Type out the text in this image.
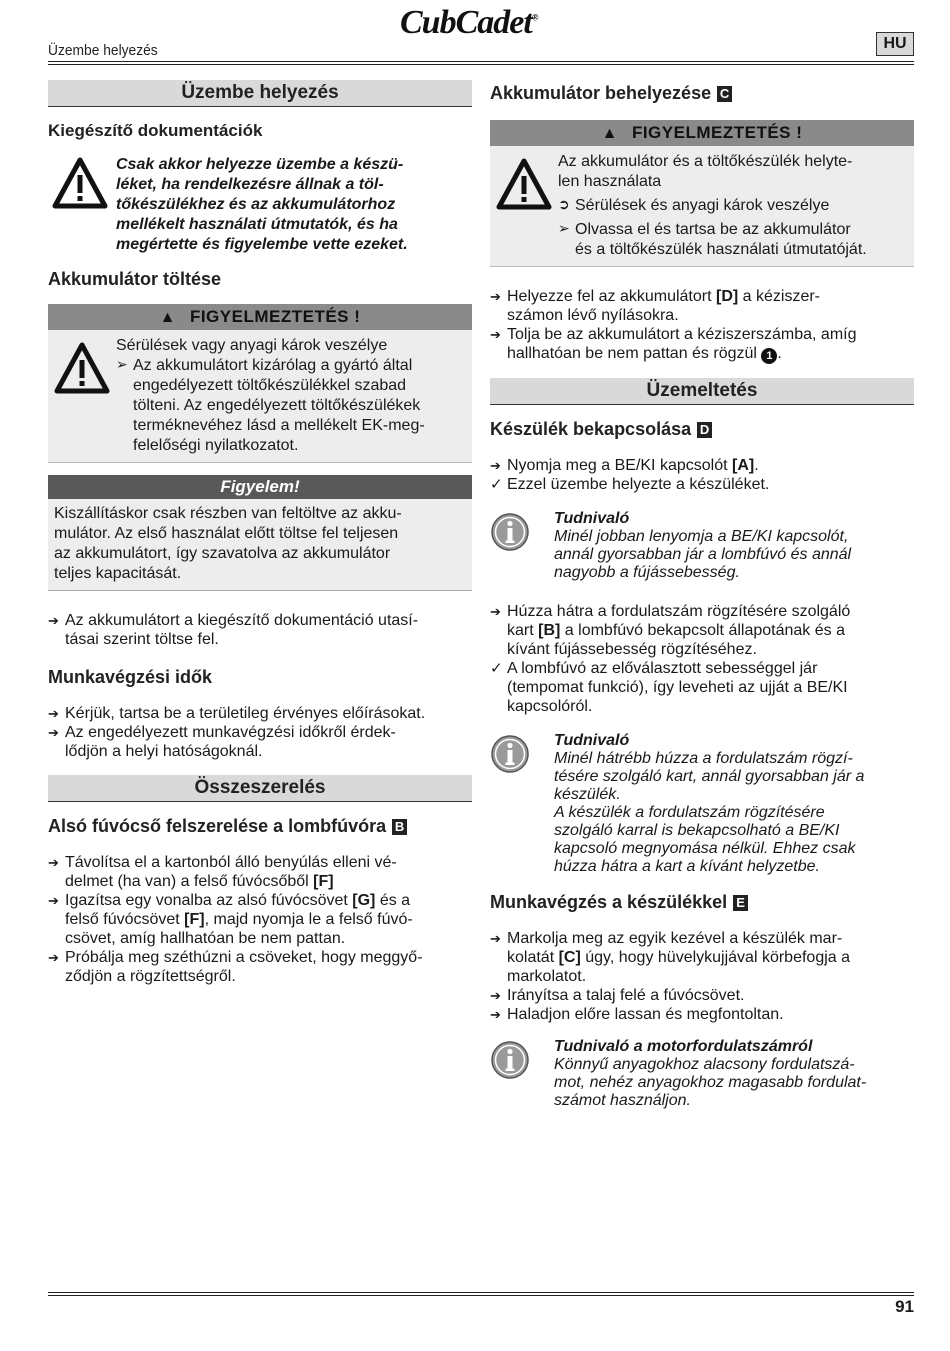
Üzembe helyezés
CubCadet®
HU
Üzembe helyezés

Kiegészítő dokumentációk

Csak akkor helyezze üzembe a készü-

léket, ha rendelkezésre állnak a töl-

tőkészülékhez és az akkumulátorhoz

mellékelt használati útmutatók, és ha

megértette és figyelembe vette ezeket.

Akkumulátor töltése

▲ FIGYELMEZTETÉS !

Sérülések vagy anyagi károk veszélye

➢ Az akkumulátort kizárólag a gyártó által

engedélyezett töltőkészülékkel szabad

tölteni. Az engedélyezett töltőkészülékek

terméknevéhez lásd a mellékelt EK-meg-

felelőségi nyilatkozatot.

Figyelem!

Kiszállításkor csak részben van feltöltve az akku-

mulátor. Az első használat előtt töltse fel teljesen

az akkumulátort, így szavatolva az akkumulátor

teljes kapacitását.

➔ Az akkumulátort a kiegészítő dokumentáció utasí-

tásai szerint töltse fel.

Munkavégzési idők

➔ Kérjük, tartsa be a területileg érvényes előírásokat.

➔ Az engedélyezett munkavégzési időkről érdek-

lődjön a helyi hatóságoknál.

Összeszerelés

Alsó fúvócső felszerelése a lombfúvóra B

➔ Távolítsa el a kartonból álló benyúlás elleni vé-

delmet (ha van) a felső fúvócsőből [F]

➔ Igazítsa egy vonalba az alsó fúvócsövet [G] és a

felső fúvócsövet [F], majd nyomja le a felső fúvó-

csövet, amíg hallhatóan be nem pattan.

➔ Próbálja meg széthúzni a csöveket, hogy meggyő-

ződjön a rögzítettségről.

Akkumulátor behelyezése C

▲ FIGYELMEZTETÉS !

Az akkumulátor és a töltőkészülék helyte-

len használata

➲ Sérülések és anyagi károk veszélye

➢ Olvassa el és tartsa be az akkumulátor

és a töltőkészülék használati útmutatóját.

➔ Helyezze fel az akkumulátort [D] a kéziszer-

számon lévő nyílásokra.

➔ Tolja be az akkumulátort a kéziszerszámba, amíg

hallhatóan be nem pattan és rögzül 1 .

Üzemeltetés

Készülék bekapcsolása D

➔ Nyomja meg a BE/KI kapcsolót [A].

✓ Ezzel üzembe helyezte a készüléket.

Tudnivaló

Minél jobban lenyomja a BE/KI kapcsolót,

annál gyorsabban jár a lombfúvó és annál

nagyobb a fújássebesség.

➔ Húzza hátra a fordulatszám rögzítésére szolgáló

kart [B] a lombfúvó bekapcsolt állapotának és a

kívánt fújássebesség rögzítéséhez.

✓ A lombfúvó az előválasztott sebességgel jár

(tempomat funkció), így leveheti az ujját a BE/KI

kapcsolóról.

Tudnivaló

Minél hátrébb húzza a fordulatszám rögzí-

tésére szolgáló kart, annál gyorsabban jár a

készülék.

A készülék a fordulatszám rögzítésére

szolgáló karral is bekapcsolható a BE/KI

kapcsoló megnyomása nélkül. Ehhez csak

húzza hátra a kart a kívánt helyzetbe.

Munkavégzés a készülékkel E

➔ Markolja meg az egyik kezével a készülék mar-

kolatát [C] úgy, hogy hüvelykujjával körbefogja a

markolatot.

➔ Irányítsa a talaj felé a fúvócsövet.

➔ Haladjon előre lassan és megfontoltan.

Tudnivaló a motorfordulatszámról

Könnyű anyagokhoz alacsony fordulatszá-

mot, nehéz anyagokhoz magasabb fordulat-

számot használjon.

91
